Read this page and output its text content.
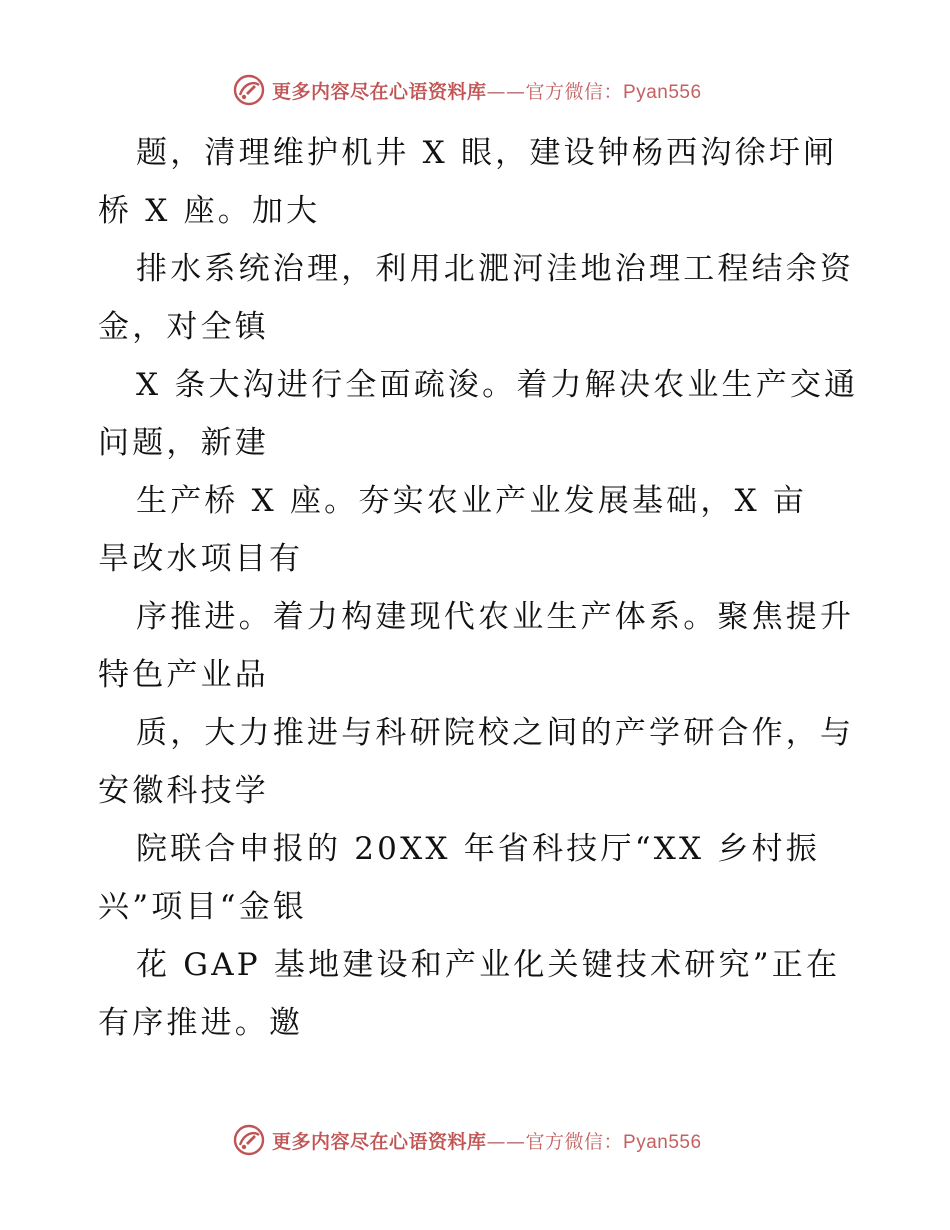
更多内容尽在心语资料库——官方微信：Pyan556
题，清理维护机井 X 眼，建设钟杨西沟徐圩闸
桥 X 座。加大
排水系统治理，利用北淝河洼地治理工程结余资
金，对全镇
X 条大沟进行全面疏浚。着力解决农业生产交通
问题，新建
生产桥 X 座。夯实农业产业发展基础，X 亩
旱改水项目有
序推进。着力构建现代农业生产体系。聚焦提升
特色产业品
质，大力推进与科研院校之间的产学研合作，与
安徽科技学
院联合申报的 20XX 年省科技厅“XX 乡村振
兴”项目“金银
花 GAP 基地建设和产业化关键技术研究”正在
有序推进。邀
更多内容尽在心语资料库——官方微信：Pyan556
